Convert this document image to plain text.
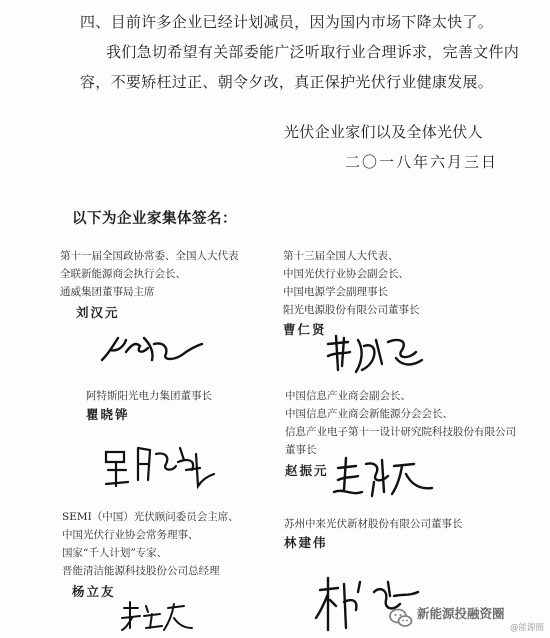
四、目前许多企业已经计划减员，因为国内市场下降太快了。
我们急切希望有关部委能广泛听取行业合理诉求，完善文件内
容，不要矫枉过正、朝令夕改，真正保护光伏行业健康发展。
光伏企业家们以及全体光伏人
二〇一八年六月三日
以下为企业家集体签名：
第十一届全国政协常委、全国人大代表
全联新能源商会执行会长、
通威集团董事局主席
刘汉元
第十三届全国人大代表、
中国光伏行业协会副会长、
中国电源学会副理事长
阳光电源股份有限公司董事长
曹仁贤
阿特斯阳光电力集团董事长
瞿晓铧
中国信息产业商会副会长、
中国信息产业商会新能源分会会长、
信息产业电子第十一设计研究院科技股份有限公司
董事长
赵振元
SEMI（中国）光伏顾问委员会主席、
中国光伏行业协会常务理事、
国家“千人计划”专家、
晋能清洁能源科技股份公司总经理
杨立友
苏州中来光伏新材股份有限公司董事长
林建伟
新能源投融资圈
@能源圈
